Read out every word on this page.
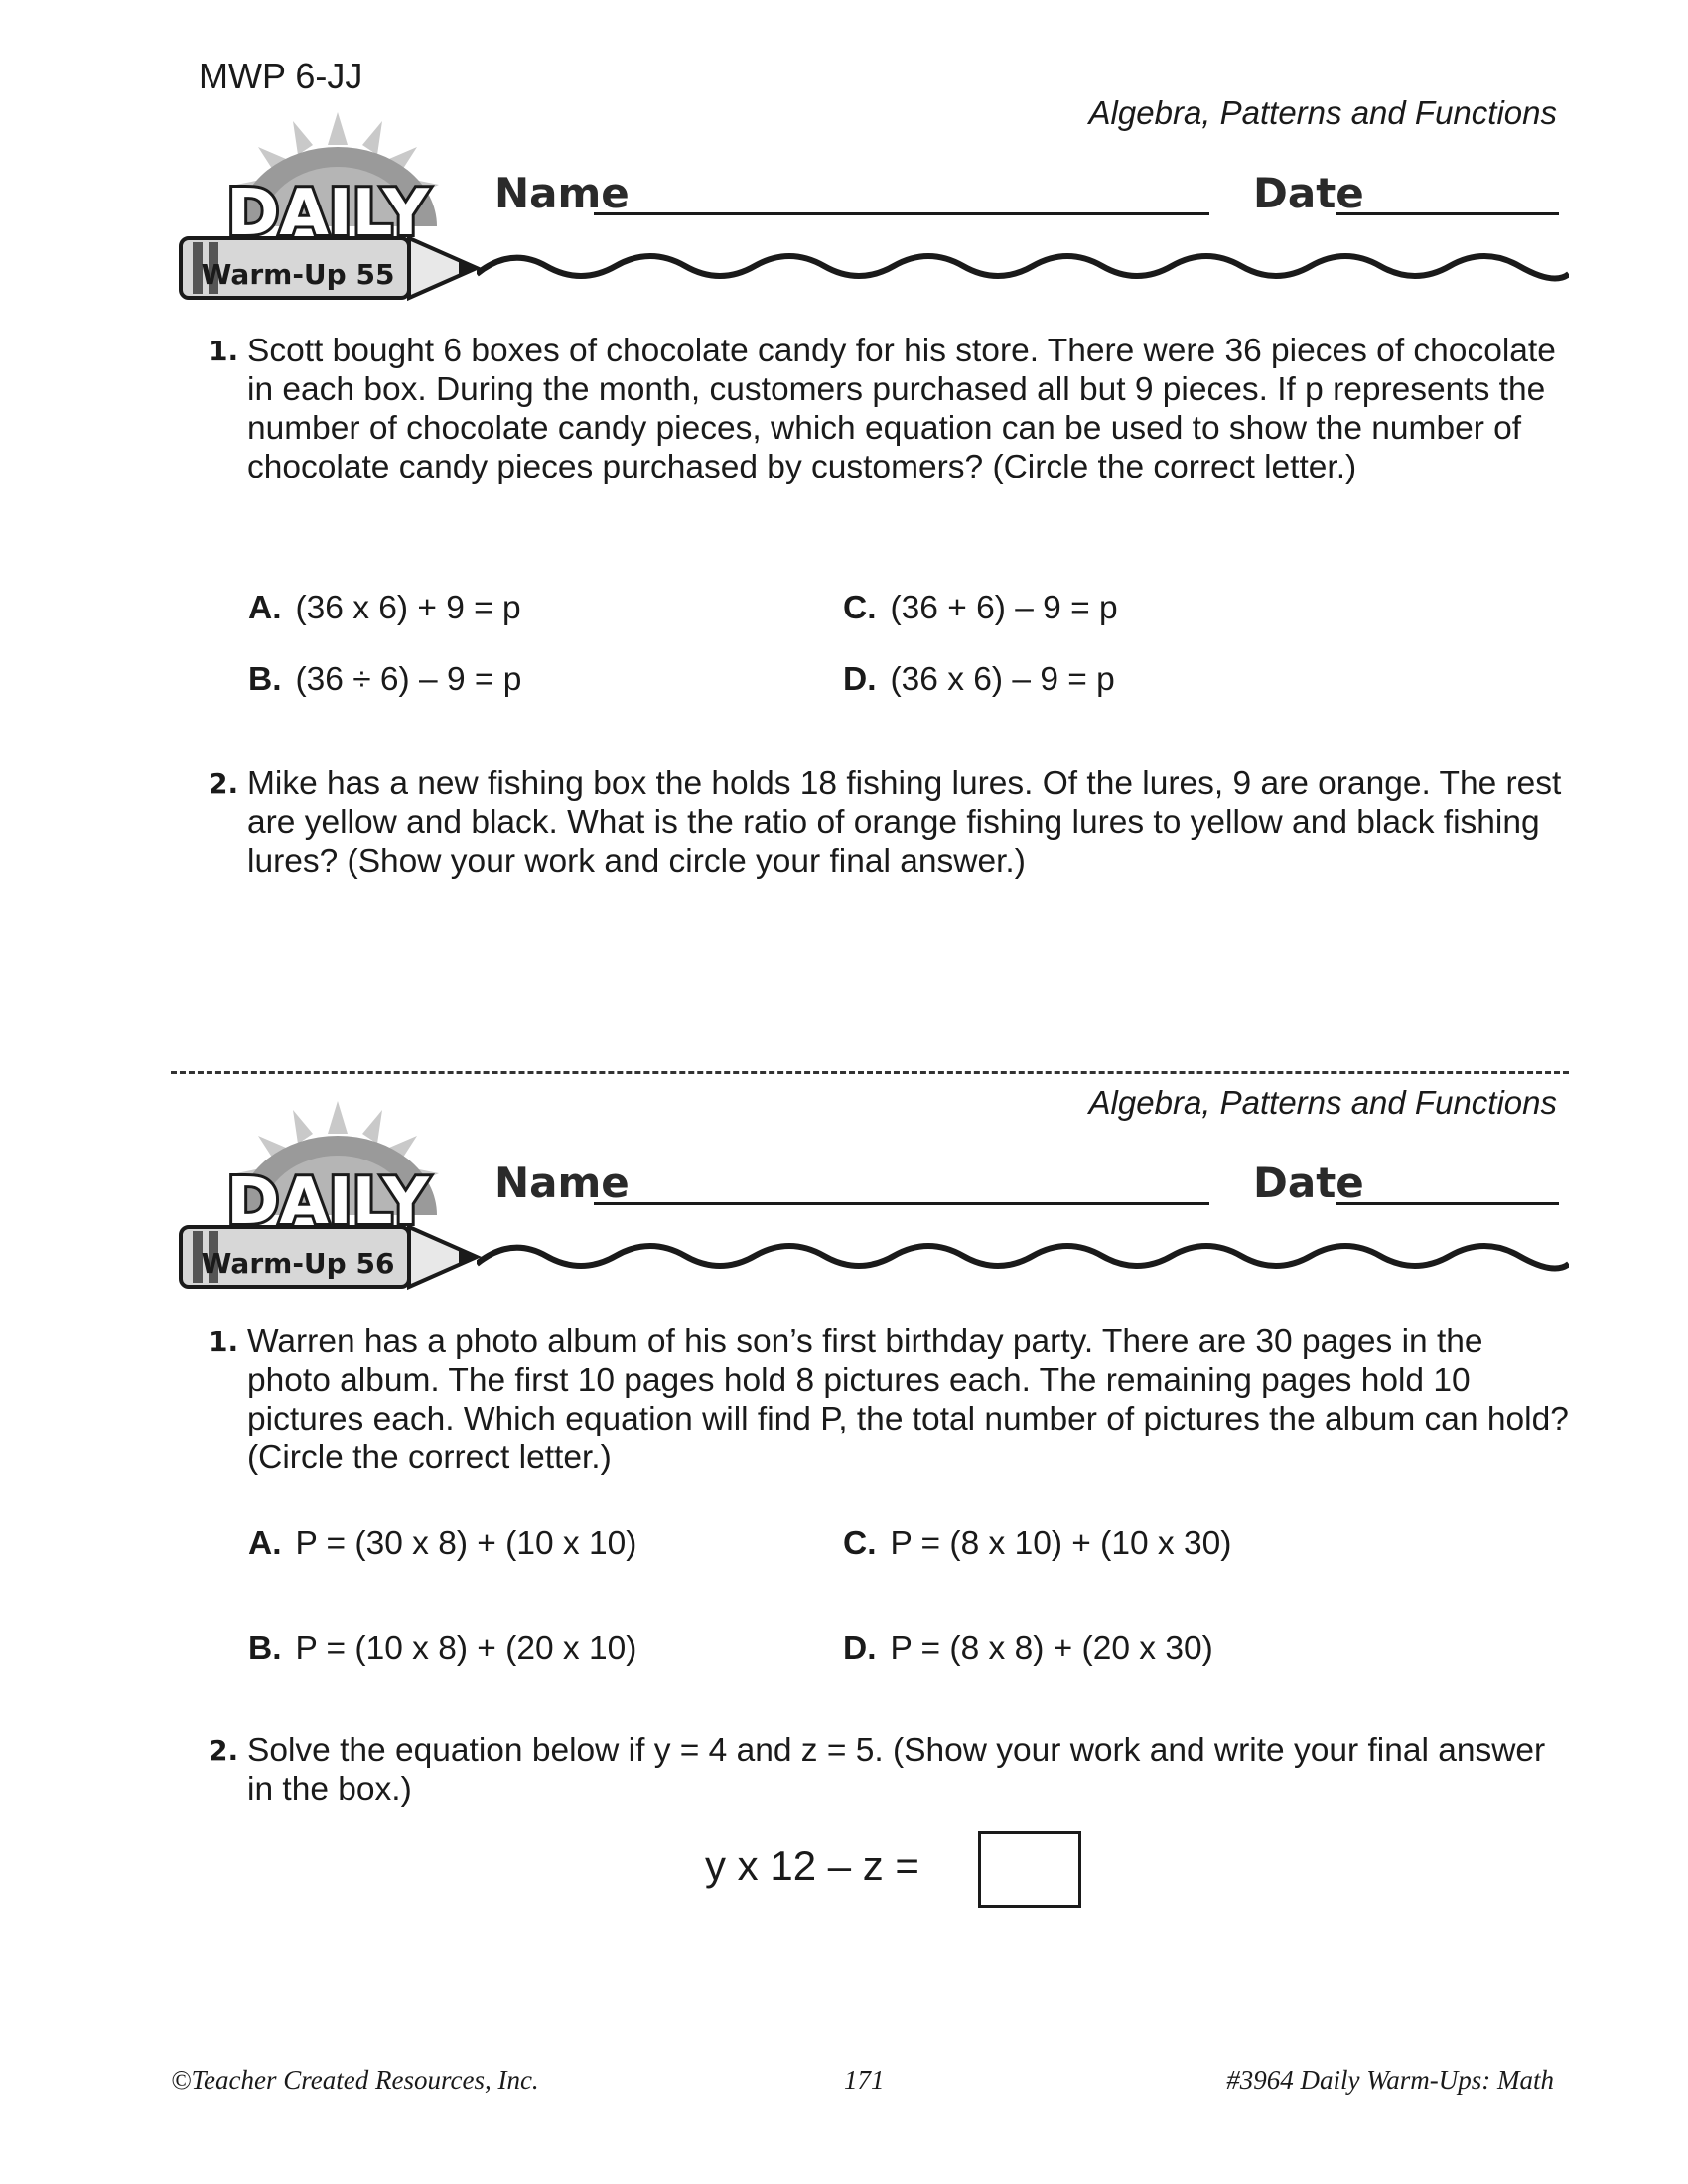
MWP 6-JJ
Algebra, Patterns and Functions
DAILY
Warm-Up 55
Name	Date
1. Scott bought 6 boxes of chocolate candy for his store. There were 36 pieces of chocolate in each box. During the month, customers purchased all but 9 pieces. If p represents the number of chocolate candy pieces, which equation can be used to show the number of chocolate candy pieces purchased by customers? (Circle the correct letter.)
A. (36 x 6) + 9 = p
B. (36 ÷ 6) – 9 = p
C. (36 + 6) – 9 = p
D. (36 x 6) – 9 = p
2. Mike has a new fishing box the holds 18 fishing lures. Of the lures, 9 are orange. The rest are yellow and black. What is the ratio of orange fishing lures to yellow and black fishing lures? (Show your work and circle your final answer.)
Algebra, Patterns and Functions
DAILY
Warm-Up 56
Name	Date
1. Warren has a photo album of his son’s first birthday party. There are 30 pages in the photo album. The first 10 pages hold 8 pictures each. The remaining pages hold 10 pictures each. Which equation will find P, the total number of pictures the album can hold? (Circle the correct letter.)
A. P = (30 x 8) + (10 x 10)
B. P = (10 x 8) + (20 x 10)
C. P = (8 x 10) + (10 x 30)
D. P = (8 x 8) + (20 x 30)
2. Solve the equation below if y = 4 and z = 5. (Show your work and write your final answer in the box.)
y x 12 – z =
©Teacher Created Resources, Inc.	171	#3964 Daily Warm-Ups: Math
